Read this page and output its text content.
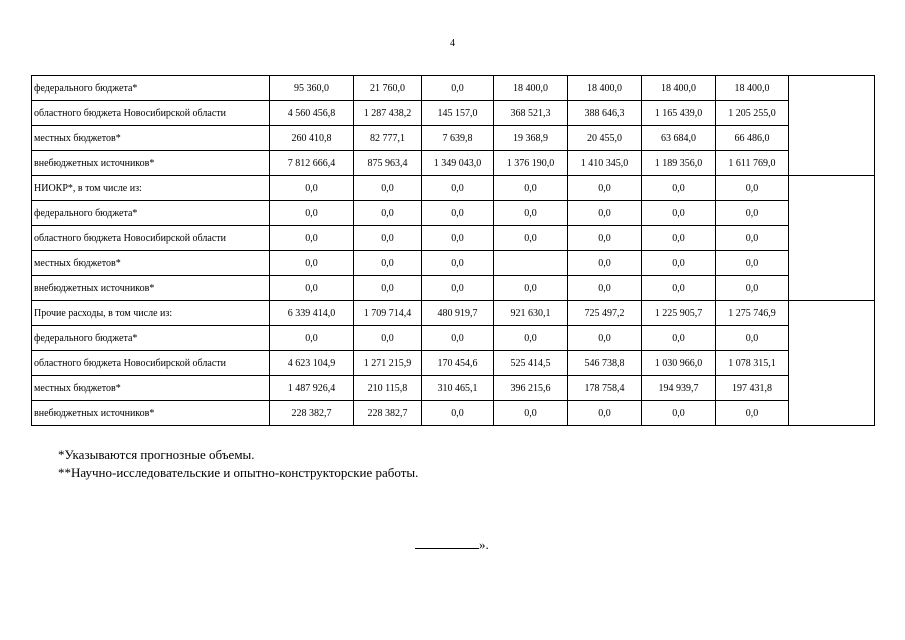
4
федерального бюджета*	95 360,0	21 760,0	0,0	18 400,0	18 400,0	18 400,0	18 400,0	
областного бюджета Новосибирской области	4 560 456,8	1 287 438,2	145 157,0	368 521,3	388 646,3	1 165 439,0	1 205 255,0	
местных бюджетов*	260 410,8	82 777,1	7 639,8	19 368,9	20 455,0	63 684,0	66 486,0	
внебюджетных источников*	7 812 666,4	875 963,4	1 349 043,0	1 376 190,0	1 410 345,0	1 189 356,0	1 611 769,0	
НИОКР*, в том числе из:	0,0	0,0	0,0	0,0	0,0	0,0	0,0	
федерального бюджета*	0,0	0,0	0,0	0,0	0,0	0,0	0,0	
областного бюджета Новосибирской области	0,0	0,0	0,0	0,0	0,0	0,0	0,0	
местных бюджетов*	0,0	0,0	0,0		0,0	0,0	0,0	
внебюджетных источников*	0,0	0,0	0,0	0,0	0,0	0,0	0,0	
Прочие расходы, в том числе из:	6 339 414,0	1 709 714,4	480 919,7	921 630,1	725 497,2	1 225 905,7	1 275 746,9	
федерального бюджета*	0,0	0,0	0,0	0,0	0,0	0,0	0,0	
областного бюджета Новосибирской области	4 623 104,9	1 271 215,9	170 454,6	525 414,5	546 738,8	1 030 966,0	1 078 315,1	
местных бюджетов*	1 487 926,4	210 115,8	310 465,1	396 215,6	178 758,4	194 939,7	197 431,8	
внебюджетных источников*	228 382,7	228 382,7	0,0	0,0	0,0	0,0	0,0	
*Указываются прогнозные объемы.
**Научно-исследовательские и опытно-конструкторские работы.
».
